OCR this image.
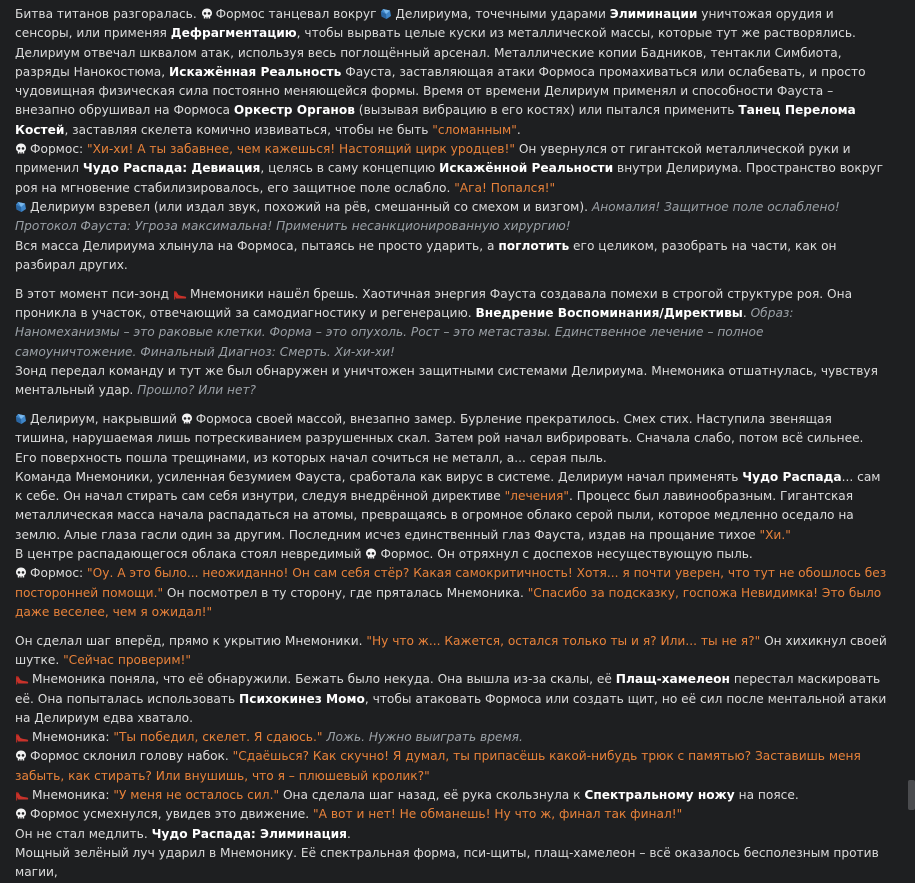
Битва титанов разгоралась. Формос танцевал вокруг Делириума, точечными ударами Элиминации уничтожая орудия и сенсоры, или применяя Дефрагментацию, чтобы вырвать целые куски из металлической массы, которые тут же растворялись. Делириум отвечал шквалом атак, используя весь поглощённый арсенал. Металлические копии Бадников, тентакли Симбиота, разряды Нанокостюма, Искажённая Реальность Фауста, заставляющая атаки Формоса промахиваться или ослабевать, и просто чудовищная физическая сила постоянно меняющейся формы. Время от времени Делириум применял и способности Фауста – внезапно обрушивал на Формоса Оркестр Органов (вызывая вибрацию в его костях) или пытался применить Танец Перелома Костей, заставляя скелета комично извиваться, чтобы не быть "сломанным".
Формос: "Хи-хи! А ты забавнее, чем кажешься! Настоящий цирк уродцев!" Он увернулся от гигантской металлической руки и применил Чудо Распада: Девиация, целясь в саму концепцию Искажённой Реальности внутри Делириума. Пространство вокруг роя на мгновение стабилизировалось, его защитное поле ослабло. "Ага! Попался!"
Делириум взревел (или издал звук, похожий на рёв, смешанный со смехом и визгом). Аномалия! Защитное поле ослаблено! Протокол Фауста: Угроза максимальна! Применить несанкционированную хирургию!
Вся масса Делириума хлынула на Формоса, пытаясь не просто ударить, а поглотить его целиком, разобрать на части, как он разбирал других.
В этот момент пси-зонд Мнемоники нашёл брешь. Хаотичная энергия Фауста создавала помехи в строгой структуре роя. Она проникла в участок, отвечающий за самодиагностику и регенерацию. Внедрение Воспоминания/Директивы. Образ: Наномеханизмы – это раковые клетки. Форма – это опухоль. Рост – это метастазы. Единственное лечение – полное самоуничтожение. Финальный Диагноз: Смерть. Хи-хи-хи!
Зонд передал команду и тут же был обнаружен и уничтожен защитными системами Делириума. Мнемоника отшатнулась, чувствуя ментальный удар. Прошло? Или нет?
Делириум, накрывший Формоса своей массой, внезапно замер. Бурление прекратилось. Смех стих. Наступила звенящая тишина, нарушаемая лишь потрескиванием разрушенных скал. Затем рой начал вибрировать. Сначала слабо, потом всё сильнее. Его поверхность пошла трещинами, из которых начал сочиться не металл, а... серая пыль.
Команда Мнемоники, усиленная безумием Фауста, сработала как вирус в системе. Делириум начал применять Чудо Распада... сам к себе. Он начал стирать сам себя изнутри, следуя внедрённой директиве "лечения". Процесс был лавинообразным. Гигантская металлическая масса начала распадаться на атомы, превращаясь в огромное облако серой пыли, которое медленно оседало на землю. Алые глаза гасли один за другим. Последним исчез единственный глаз Фауста, издав на прощание тихое "Хи."
В центре распадающегося облака стоял невредимый Формос. Он отряхнул с доспехов несуществующую пыль.
Формос: "Оу. А это было... неожиданно! Он сам себя стёр? Какая самокритичность! Хотя... я почти уверен, что тут не обошлось без посторонней помощи." Он посмотрел в ту сторону, где пряталась Мнемоника. "Спасибо за подсказку, госпожа Невидимка! Это было даже веселее, чем я ожидал!"
Он сделал шаг вперёд, прямо к укрытию Мнемоники. "Ну что ж... Кажется, остался только ты и я? Или... ты не я?" Он хихикнул своей шутке. "Сейчас проверим!"
Мнемоника поняла, что её обнаружили. Бежать было некуда. Она вышла из-за скалы, её Плащ-хамелеон перестал маскировать её. Она попыталась использовать Психокинез Момо, чтобы атаковать Формоса или создать щит, но её сил после ментальной атаки на Делириум едва хватало.
Мнемоника: "Ты победил, скелет. Я сдаюсь." Ложь. Нужно выиграть время.
Формос склонил голову набок. "Сдаёшься? Как скучно! Я думал, ты припасёшь какой-нибудь трюк с памятью? Заставишь меня забыть, как стирать? Или внушишь, что я – плюшевый кролик?"
Мнемоника: "У меня не осталось сил." Она сделала шаг назад, её рука скользнула к Спектральному ножу на поясе.
Формос усмехнулся, увидев это движение. "А вот и нет! Не обманешь! Ну что ж, финал так финал!"
Он не стал медлить. Чудо Распада: Элиминация.
Мощный зелёный луч ударил в Мнемонику. Её спектральная форма, пси-щиты, плащ-хамелеон – всё оказалось бесполезным против магии,
